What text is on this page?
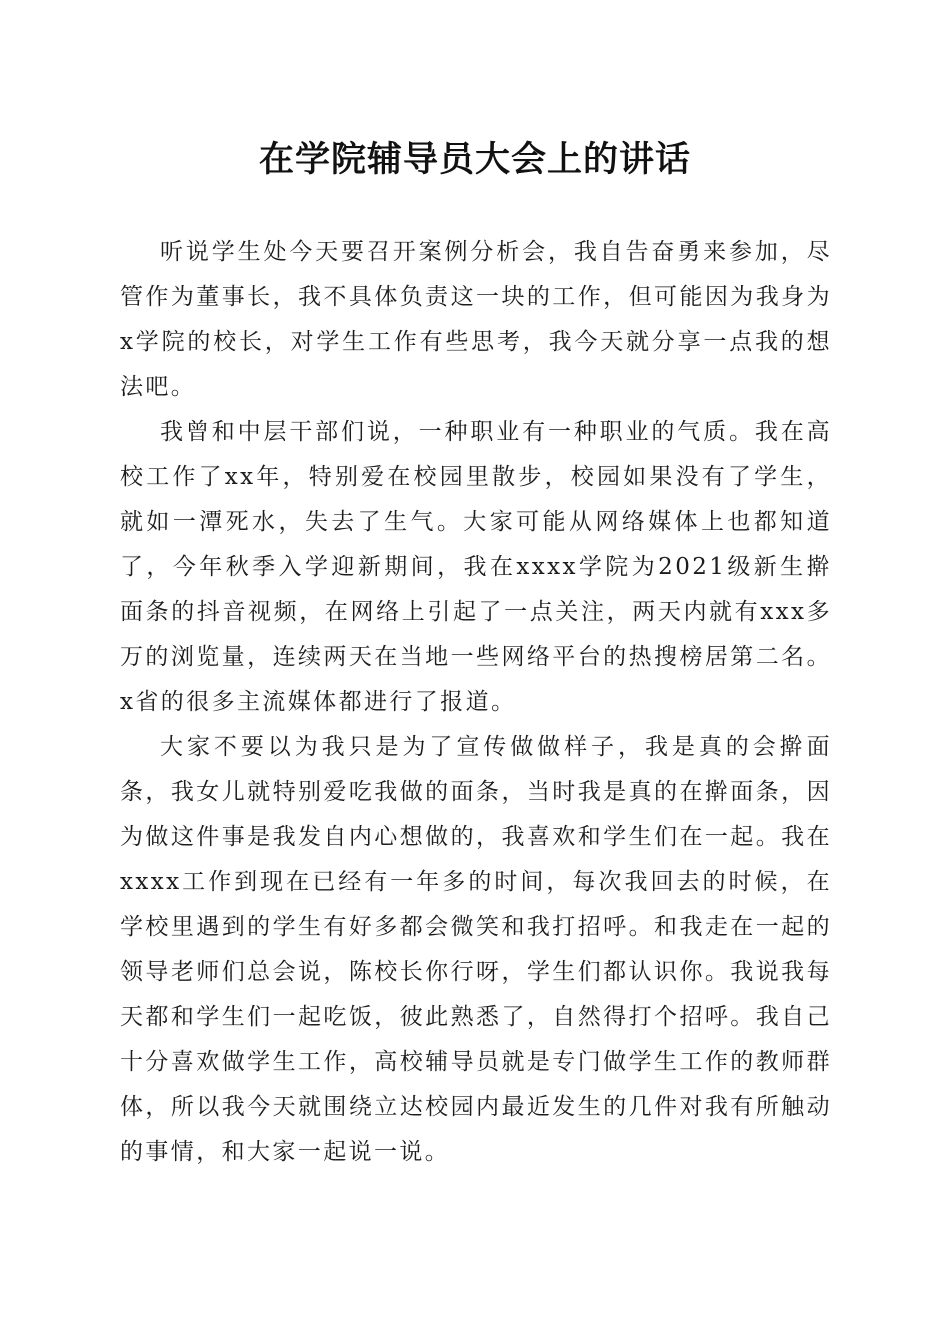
在学院辅导员大会上的讲话

听说学生处今天要召开案例分析会，我自告奋勇来参加，尽管作为董事长，我不具体负责这一块的工作，但可能因为我身为x学院的校长，对学生工作有些思考，我今天就分享一点我的想法吧。

我曾和中层干部们说，一种职业有一种职业的气质。我在高校工作了xx年，特别爱在校园里散步，校园如果没有了学生，就如一潭死水，失去了生气。大家可能从网络媒体上也都知道了，今年秋季入学迎新期间，我在xxxx学院为2021级新生擀面条的抖音视频，在网络上引起了一点关注，两天内就有xxx多万的浏览量，连续两天在当地一些网络平台的热搜榜居第二名。x省的很多主流媒体都进行了报道。

大家不要以为我只是为了宣传做做样子，我是真的会擀面条，我女儿就特别爱吃我做的面条，当时我是真的在擀面条，因为做这件事是我发自内心想做的，我喜欢和学生们在一起。我在xxxx工作到现在已经有一年多的时间，每次我回去的时候，在学校里遇到的学生有好多都会微笑和我打招呼。和我走在一起的领导老师们总会说，陈校长你行呀，学生们都认识你。我说我每天都和学生们一起吃饭，彼此熟悉了，自然得打个招呼。我自己十分喜欢做学生工作，高校辅导员就是专门做学生工作的教师群体，所以我今天就围绕立达校园内最近发生的几件对我有所触动的事情，和大家一起说一说。
